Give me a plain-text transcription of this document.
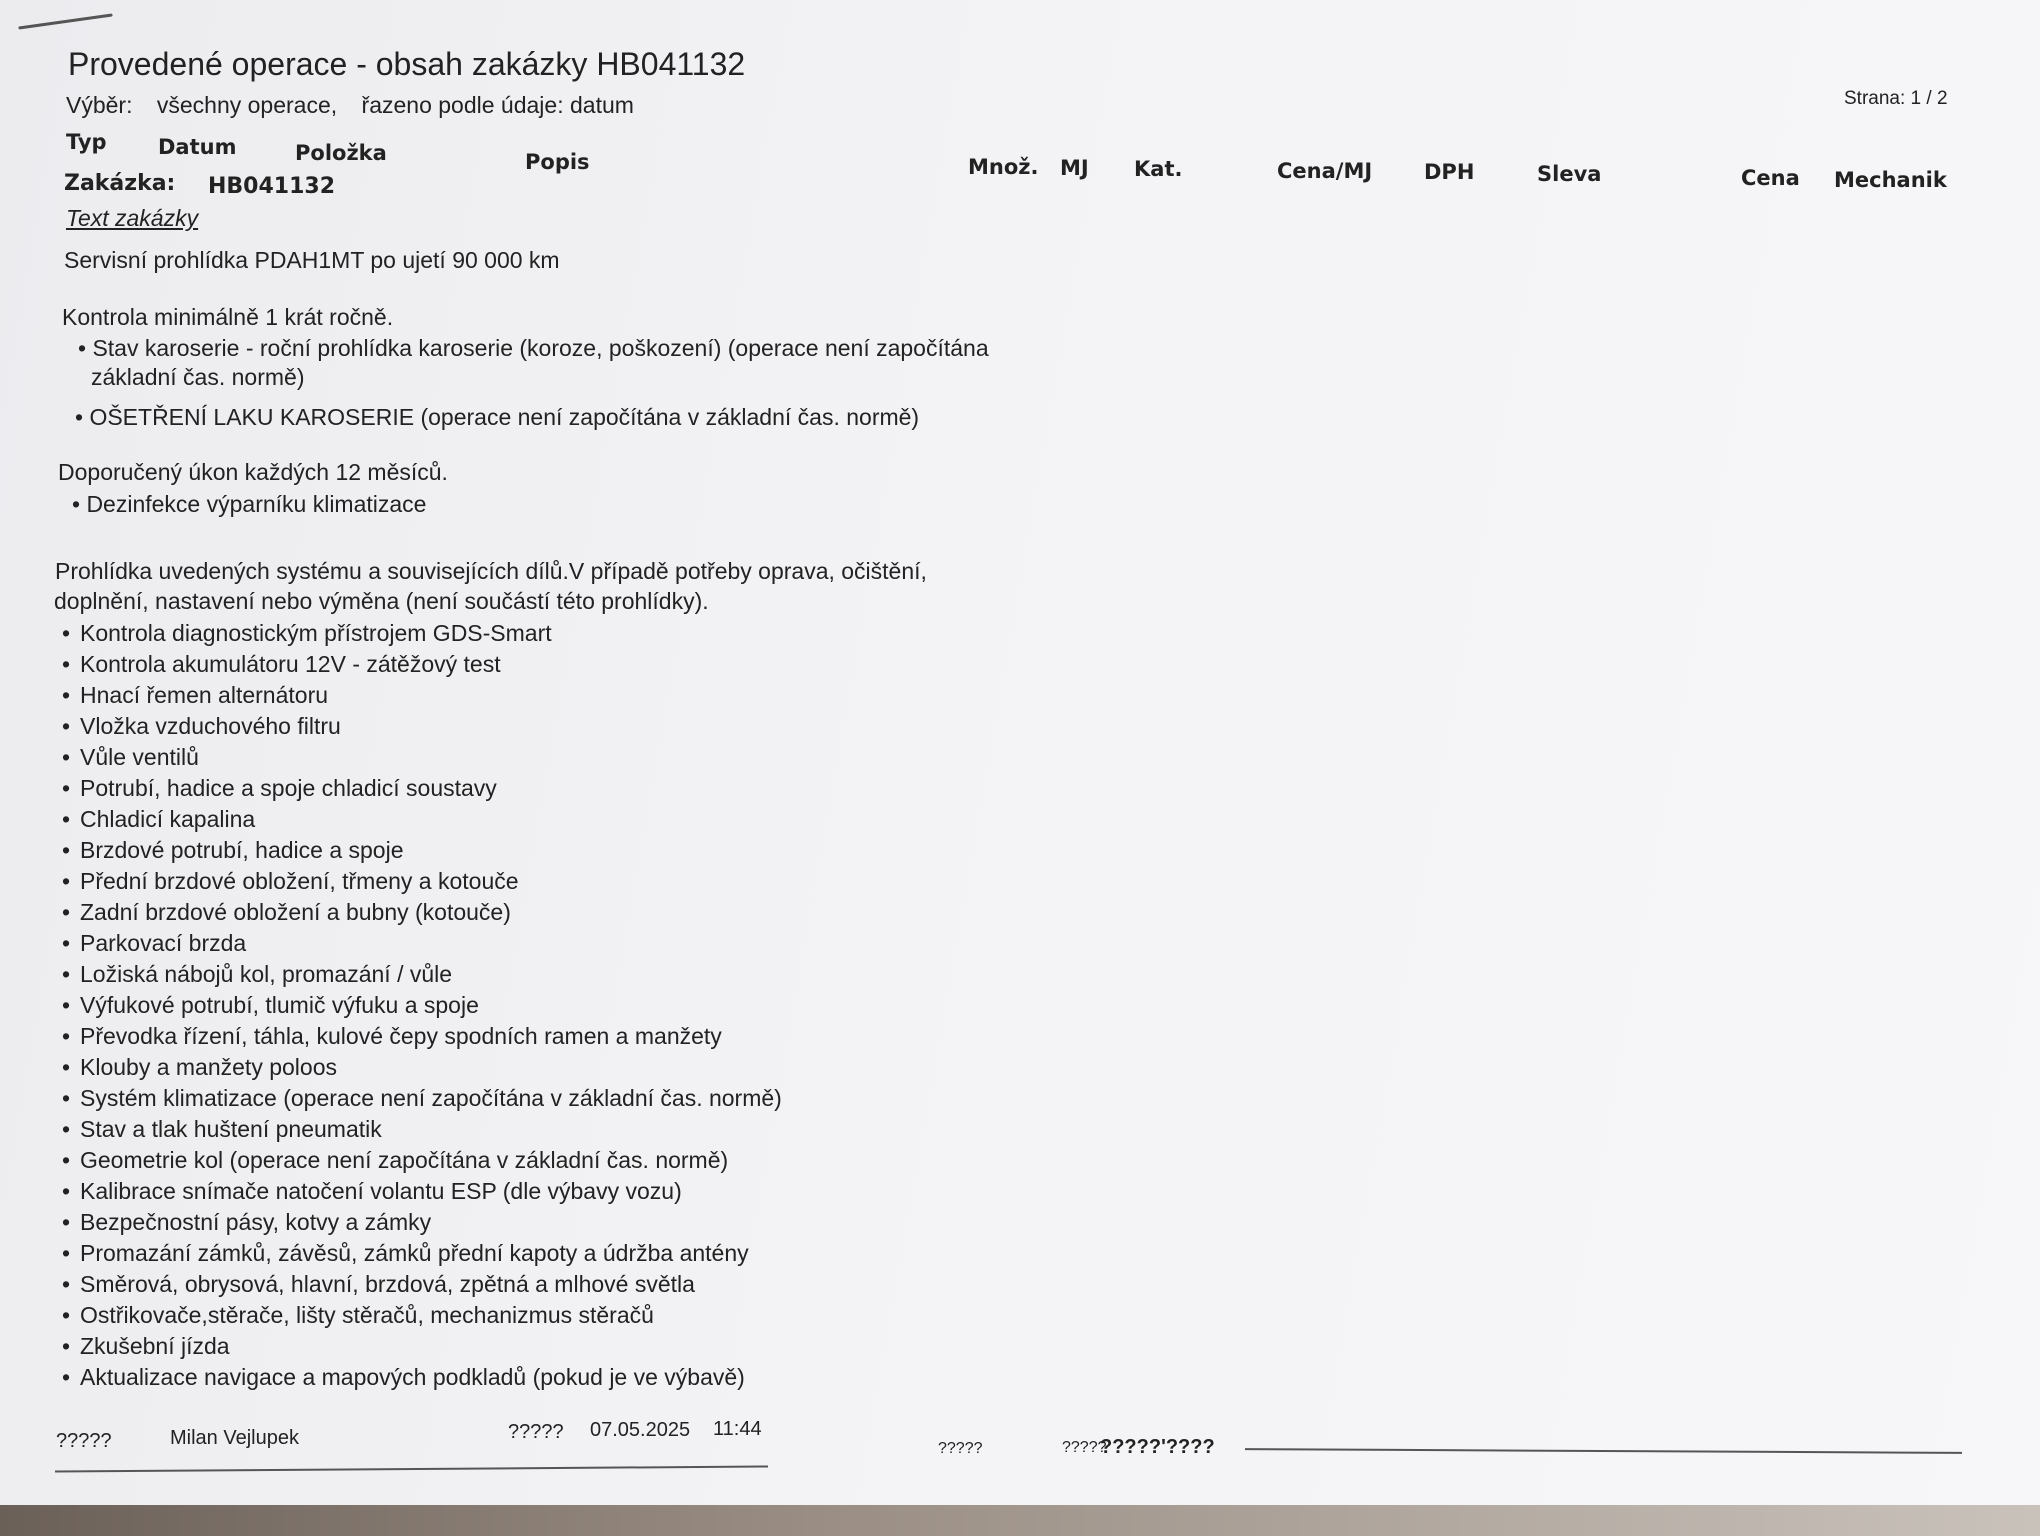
Provedené operace - obsah zakázky HB041132
Výběr: všechny operace, řazeno podle údaje: datum	Strana: 1 / 2
Typ Datum	Položka	Popis	Množ. MJ Kat.	Cena/MJ DPH	Sleva	Cena Mechanik
Zakázka: HB041132
Text zakázky
Servisní prohlídka PDAH1MT po ujetí 90 000 km
Kontrola minimálně 1 krát ročně.
• Stav karoserie - roční prohlídka karoserie (koroze, poškození) (operace není započítána
základní čas. normě)
• OŠETŘENÍ LAKU KAROSERIE (operace není započítána v základní čas. normě)
Doporučený úkon každých 12 měsíců.
• Dezinfekce výparníku klimatizace
Prohlídka uvedených systému a souvisejících dílů.V případě potřeby oprava, očištění,
doplnění, nastavení nebo výměna (není součástí této prohlídky).
• Kontrola diagnostickým přístrojem GDS-Smart
• Kontrola akumulátoru 12V - zátěžový test
• Hnací řemen alternátoru
• Vložka vzduchového filtru
• Vůle ventilů
• Potrubí, hadice a spoje chladicí soustavy
• Chladicí kapalina
• Brzdové potrubí, hadice a spoje
• Přední brzdové obložení, třmeny a kotouče
• Zadní brzdové obložení a bubny (kotouče)
• Parkovací brzda
• Ložiská nábojů kol, promazání / vůle
• Výfukové potrubí, tlumič výfuku a spoje
• Převodka řízení, táhla, kulové čepy spodních ramen a manžety
• Klouby a manžety poloos
• Systém klimatizace (operace není započítána v základní čas. normě)
• Stav a tlak huštení pneumatik
• Geometrie kol (operace není započítána v základní čas. normě)
• Kalibrace snímače natočení volantu ESP (dle výbavy vozu)
• Bezpečnostní pásy, kotvy a zámky
• Promazání zámků, závěsů, zámků přední kapoty a údržba antény
• Směrová, obrysová, hlavní, brzdová, zpětná a mlhové světla
• Ostřikovače,stěrače, lišty stěračů, mechanizmus stěračů
• Zkušební jízda
• Aktualizace navigace a mapových podkladů (pokud je ve výbavě)
?????	Milan Vejlupek	????? 07.05.2025 11:44
?????	?????
?????'????
